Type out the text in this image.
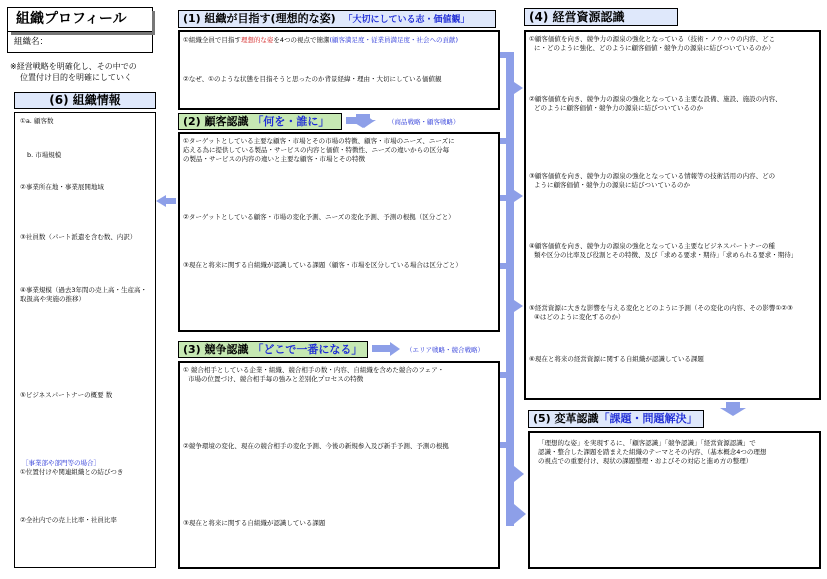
組織プロフィール
組織名：
※経営戦略を明確化し、その中での
位置付け目的を明確にしていく
(6) 組織情報
①a. 顧客数
b. 市場規模
②事業所在地・事業展開地域
③社員数（パート派遣を含む数、内訳）
④事業規模（過去3年間の売上高・生産高・取扱高や実施の推移）
⑤ビジネスパートナーの概要 数
［事業部や部門等の場合］
①位置付けや関連組織との結びつき
②全社内での売上比率・社員比率
(1) 組織が目指す(理想的な姿) 「大切にしている志・価値観」
①組織全員で目指す理想的な姿を4つの視点で簡潔(顧客満足度・従業員満足度・社会への貢献)
②なぜ、①のような状態を目指そうと思ったのか背景経緯・理由・大切にしている価値観
(2) 顧客認識 「何を・誰に」	（商品戦略・顧客戦略）
①ターゲットとしている主要な顧客・市場とその市場の特徴、顧客・市場のニーズ、ニーズに
応える為に提供している製品・サービスの内容と価値・特徴性、ニーズの違いからの区分毎
の製品・サービスの内容の違いと主要な顧客・市場とその特徴
②ターゲットとしている顧客・市場の変化予測、ニーズの変化予測、予測の根拠（区分ごと）
③現在と将来に関する自組織が認識している課題（顧客・市場を区分している場合は区分ごと）
(3) 競争認識 「どこで一番になる」	（エリア戦略・競合戦略）
① 競合相手としている企業・組織、競合相手の数・内容、自組織を含めた競合のフェア・
市場の位置づけ、競合相手毎の強みと差別化プロセスの特徴
②競争環境の変化、現在の競合相手の変化予測、今後の新規参入及び新手予測、予測の根拠
③現在と将来に関する自組織が認識している課題
(4) 経営資源認識
①顧客価値を向き、競争力の源泉の強化となっている（技術・ノウハウの内容、どこ
に・どのように強化、どのように顧客価値・競争力の源泉に結びついているのか）
②顧客価値を向き、競争力の源泉の強化となっている主要な設備、施設、施設の内容、
どのように顧客価値・競争力の源泉に結びついているのか
③顧客価値を向き、競争力の源泉の強化となっている情報等の技術活用の内容、どの
ように顧客価値・競争力の源泉に結びついているのか
④顧客価値を向き、競争力の源泉の強化となっている主要なビジネスパートナーの種
類や区分の比率及び役割とその特徴、及び「求める要求・期待」「求められる要求・期待」
⑤経営資源に大きな影響を与える変化とどのように予測（その変化の内容、その影響①②③
④はどのように変化するのか）
⑥現在と将来の経営資源に関する自組織が認識している課題
(5) 変革認識「課題・問題解決」
「理想的な姿」を実現するに、「顧客認識」「競争認識」「経営資源認識」で
認識・整合した課題を踏まえた組織のテーマとその内容、（基本概念4つの理想
の視点での重要付け、現状の課題整理・およびその対応と進め方の整理）
